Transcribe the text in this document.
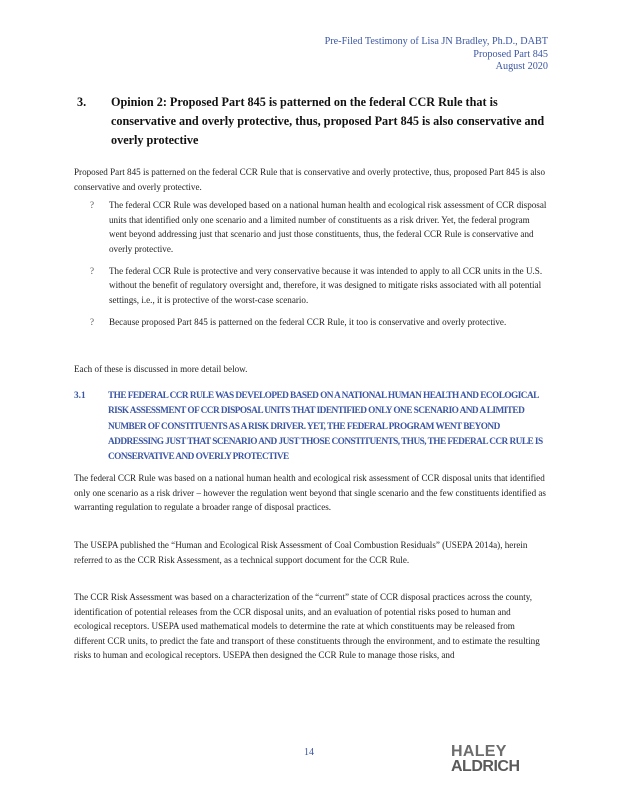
Pre-Filed Testimony of Lisa JN Bradley, Ph.D., DABT
Proposed Part 845
August 2020
3. Opinion 2: Proposed Part 845 is patterned on the federal CCR Rule that is conservative and overly protective, thus, proposed Part 845 is also conservative and overly protective
Proposed Part 845 is patterned on the federal CCR Rule that is conservative and overly protective, thus, proposed Part 845 is also conservative and overly protective.
? The federal CCR Rule was developed based on a national human health and ecological risk assessment of CCR disposal units that identified only one scenario and a limited number of constituents as a risk driver. Yet, the federal program went beyond addressing just that scenario and just those constituents, thus, the federal CCR Rule is conservative and overly protective.
? The federal CCR Rule is protective and very conservative because it was intended to apply to all CCR units in the U.S. without the benefit of regulatory oversight and, therefore, it was designed to mitigate risks associated with all potential settings, i.e., it is protective of the worst-case scenario.
? Because proposed Part 845 is patterned on the federal CCR Rule, it too is conservative and overly protective.
Each of these is discussed in more detail below.
3.1 THE FEDERAL CCR RULE WAS DEVELOPED BASED ON A NATIONAL HUMAN HEALTH AND ECOLOGICAL RISK ASSESSMENT OF CCR DISPOSAL UNITS THAT IDENTIFIED ONLY ONE SCENARIO AND A LIMITED NUMBER OF CONSTITUENTS AS A RISK DRIVER. YET, THE FEDERAL PROGRAM WENT BEYOND ADDRESSING JUST THAT SCENARIO AND JUST THOSE CONSTITUENTS, THUS, THE FEDERAL CCR RULE IS CONSERVATIVE AND OVERLY PROTECTIVE
The federal CCR Rule was based on a national human health and ecological risk assessment of CCR disposal units that identified only one scenario as a risk driver – however the regulation went beyond that single scenario and the few constituents identified as warranting regulation to regulate a broader range of disposal practices.
The USEPA published the “Human and Ecological Risk Assessment of Coal Combustion Residuals” (USEPA 2014a), herein referred to as the CCR Risk Assessment, as a technical support document for the CCR Rule.
The CCR Risk Assessment was based on a characterization of the “current” state of CCR disposal practices across the county, identification of potential releases from the CCR disposal units, and an evaluation of potential risks posed to human and ecological receptors. USEPA used mathematical models to determine the rate at which constituents may be released from different CCR units, to predict the fate and transport of these constituents through the environment, and to estimate the resulting risks to human and ecological receptors. USEPA then designed the CCR Rule to manage those risks, and
14	HALEY
ALDRICH
